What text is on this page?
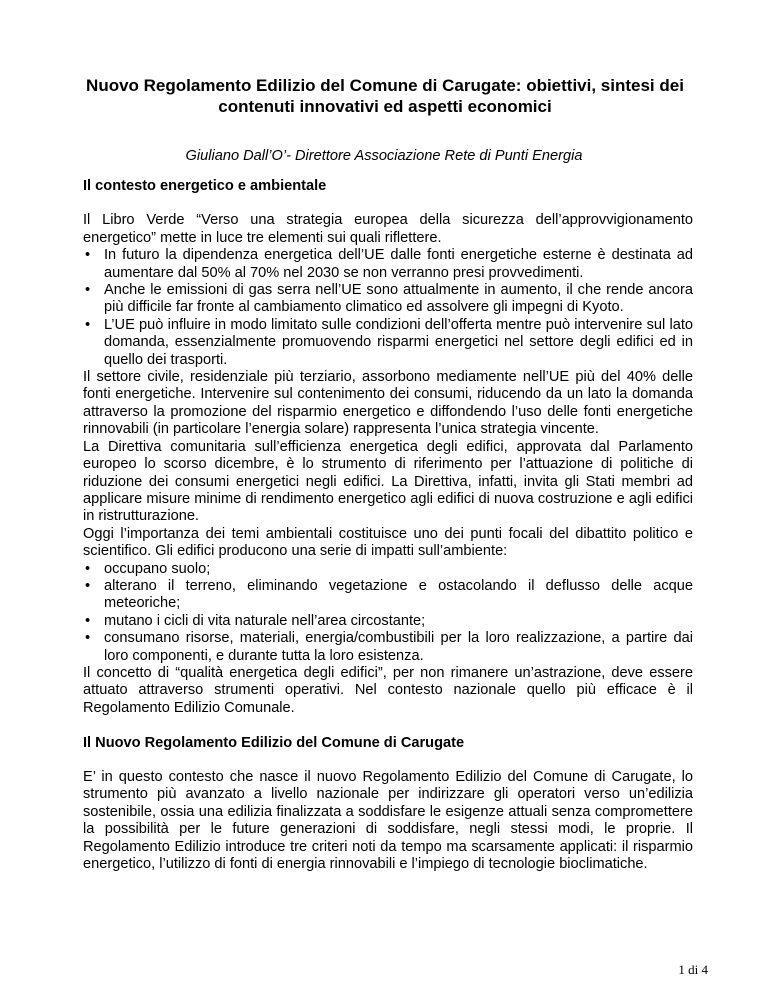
Nuovo Regolamento Edilizio del Comune di Carugate: obiettivi, sintesi dei contenuti innovativi ed aspetti economici
Giuliano Dall’O’- Direttore Associazione Rete di Punti Energia
Il contesto energetico e ambientale

Il Libro Verde “Verso una strategia europea della sicurezza dell’approvvigionamento energetico” mette in luce tre elementi sui quali riflettere.

• In futuro la dipendenza energetica dell’UE dalle fonti energetiche esterne è destinata ad aumentare dal 50% al 70% nel 2030 se non verranno presi provvedimenti.
• Anche le emissioni di gas serra nell’UE sono attualmente in aumento, il che rende ancora più difficile far fronte al cambiamento climatico ed assolvere gli impegni di Kyoto.
• L’UE può influire in modo limitato sulle condizioni dell’offerta mentre può intervenire sul lato domanda, essenzialmente promuovendo risparmi energetici nel settore degli edifici ed in quello dei trasporti.

Il settore civile, residenziale più terziario, assorbono mediamente nell’UE più del 40% delle fonti energetiche. Intervenire sul contenimento dei consumi, riducendo da un lato la domanda attraverso la promozione del risparmio energetico e diffondendo l’uso delle fonti energetiche rinnovabili (in particolare l’energia solare) rappresenta l’unica strategia vincente.

La Direttiva comunitaria sull’efficienza energetica degli edifici, approvata dal Parlamento europeo lo scorso dicembre, è lo strumento di riferimento per l’attuazione di politiche di riduzione dei consumi energetici negli edifici. La Direttiva, infatti, invita gli Stati membri ad applicare misure minime di rendimento energetico agli edifici di nuova costruzione e agli edifici in ristrutturazione.

Oggi l’importanza dei temi ambientali costituisce uno dei punti focali del dibattito politico e scientifico. Gli edifici producono una serie di impatti sull’ambiente:

• occupano suolo;
• alterano il terreno, eliminando vegetazione e ostacolando il deflusso delle acque meteoriche;
• mutano i cicli di vita naturale nell’area circostante;
• consumano risorse, materiali, energia/combustibili per la loro realizzazione, a partire dai loro componenti, e durante tutta la loro esistenza.

Il concetto di “qualità energetica degli edifici”, per non rimanere un’astrazione, deve essere attuato attraverso strumenti operativi. Nel contesto nazionale quello più efficace è il Regolamento Edilizio Comunale.

Il Nuovo Regolamento Edilizio del Comune di Carugate

E’ in questo contesto che nasce il nuovo Regolamento Edilizio del Comune di Carugate, lo strumento più avanzato a livello nazionale per indirizzare gli operatori verso un’edilizia sostenibile, ossia una edilizia finalizzata a soddisfare le esigenze attuali senza compromettere la possibilità per le future generazioni di soddisfare, negli stessi modi, le proprie. Il Regolamento Edilizio introduce tre criteri noti da tempo ma scarsamente applicati: il risparmio energetico, l’utilizzo di fonti di energia rinnovabili e l’impiego di tecnologie bioclimatiche.

1 di 4
